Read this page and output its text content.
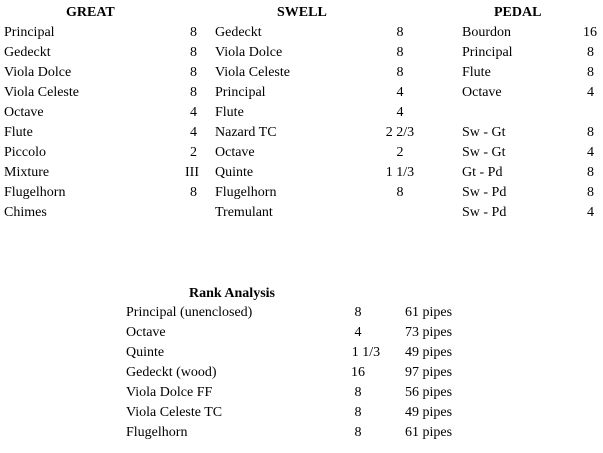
GREAT	SWELL	PEDAL
Principal	8
Gedeckt	8
Viola Dolce	8
Viola Celeste	8
Octave	4
Flute	4
Piccolo	2
Mixture	III
Flugelhorn	8
Chimes
Gedeckt	8
Viola Dolce	8
Viola Celeste	8
Principal	4
Flute	4
Nazard TC	2 2/3
Octave	2
Quinte	1 1/3
Flugelhorn	8
Tremulant
Bourdon	16
Principal	8
Flute	8
Octave	4
Sw - Gt	8
Sw - Gt	4
Gt - Pd	8
Sw - Pd	8
Sw - Pd	4
Rank Analysis
Principal (unenclosed)	8	61 pipes
Octave	4	73 pipes
Quinte	1 1/3	49 pipes
Gedeckt (wood)	16	97 pipes
Viola Dolce FF	8	56 pipes
Viola Celeste TC	8	49 pipes
Flugelhorn	8	61 pipes
